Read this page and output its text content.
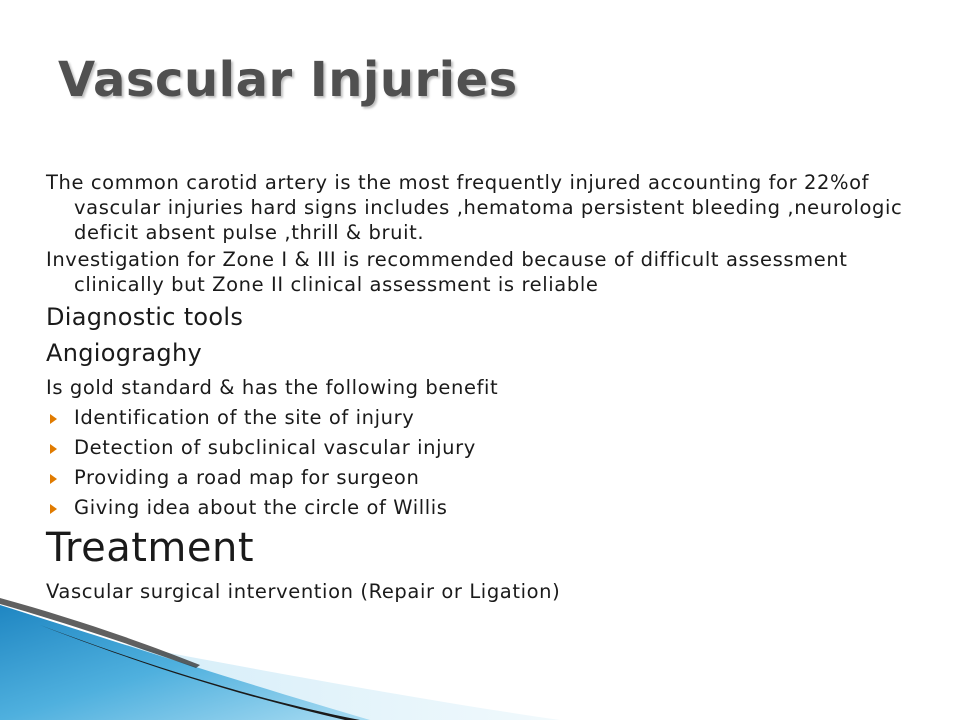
Vascular Injuries

The common carotid artery is the most frequently injured accounting for 22%of vascular injuries hard signs includes ,hematoma persistent bleeding ,neurologic deficit absent pulse ,thrill & bruit.

Investigation for Zone I & III is recommended because of difficult assessment clinically but Zone II clinical assessment is reliable

Diagnostic tools

Angiograghy

Is gold standard & has the following benefit

Identification of the site of injury
Detection of subclinical vascular injury
Providing a road map for surgeon
Giving idea about the circle of Willis

Treatment

Vascular surgical intervention (Repair or Ligation)
